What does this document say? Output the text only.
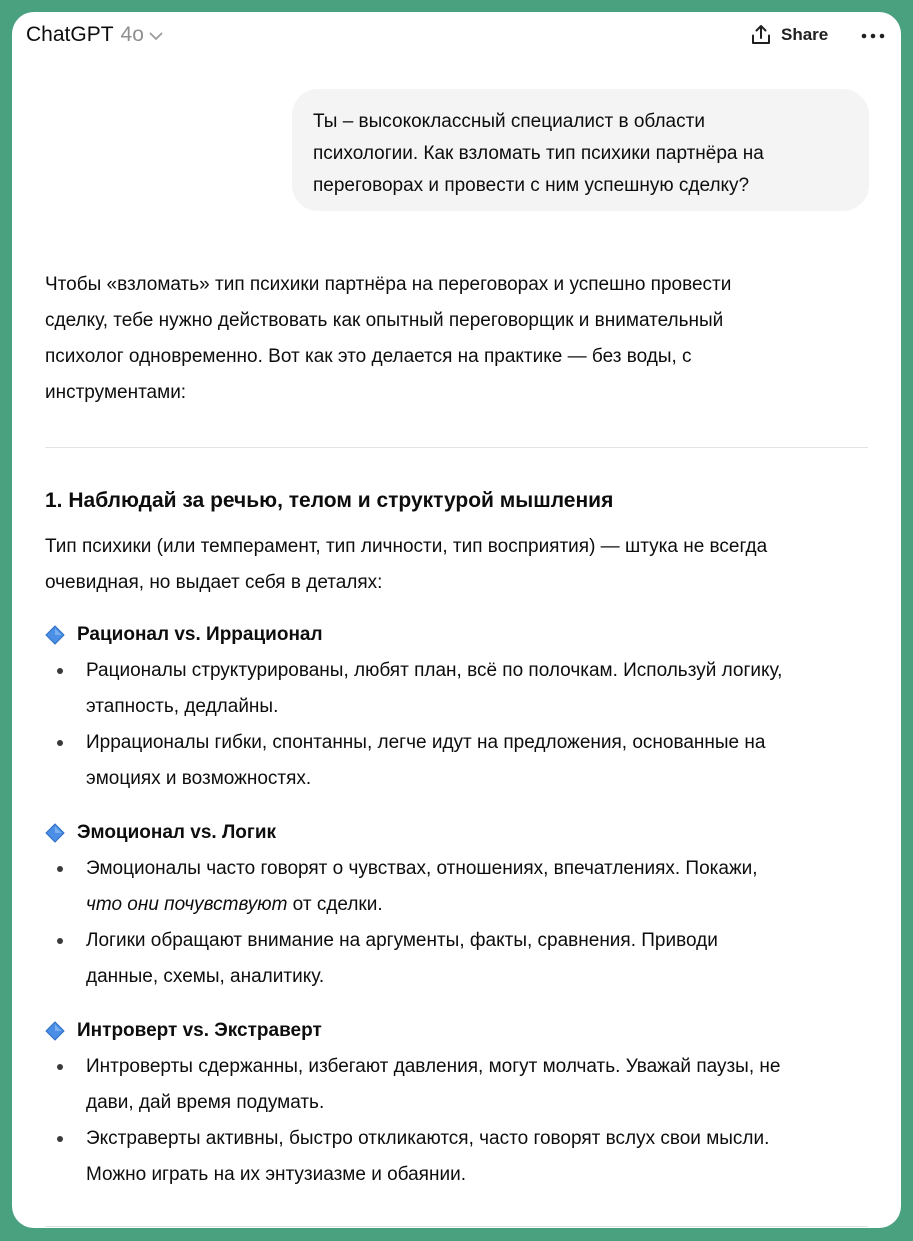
ChatGPT 4o	Share
Ты – высококлассный специалист в области
психологии. Как взломать тип психики партнёра на
переговорах и провести с ним успешную сделку?
Чтобы «взломать» тип психики партнёра на переговорах и успешно провести
сделку, тебе нужно действовать как опытный переговорщик и внимательный
психолог одновременно. Вот как это делается на практике — без воды, с
инструментами:
1. Наблюдай за речью, телом и структурой мышления
Тип психики (или темперамент, тип личности, тип восприятия) — штука не всегда
очевидная, но выдает себя в деталях:
Рационал vs. Иррационал
Рационалы структурированы, любят план, всё по полочкам. Используй логику,
этапность, дедлайны.
Иррационалы гибки, спонтанны, легче идут на предложения, основанные на
эмоциях и возможностях.
Эмоционал vs. Логик
Эмоционалы часто говорят о чувствах, отношениях, впечатлениях. Покажи,
что они почувствуют от сделки.
Логики обращают внимание на аргументы, факты, сравнения. Приводи
данные, схемы, аналитику.
Интроверт vs. Экстраверт
Интроверты сдержанны, избегают давления, могут молчать. Уважай паузы, не
дави, дай время подумать.
Экстраверты активны, быстро откликаются, часто говорят вслух свои мысли.
Можно играть на их энтузиазме и обаянии.
